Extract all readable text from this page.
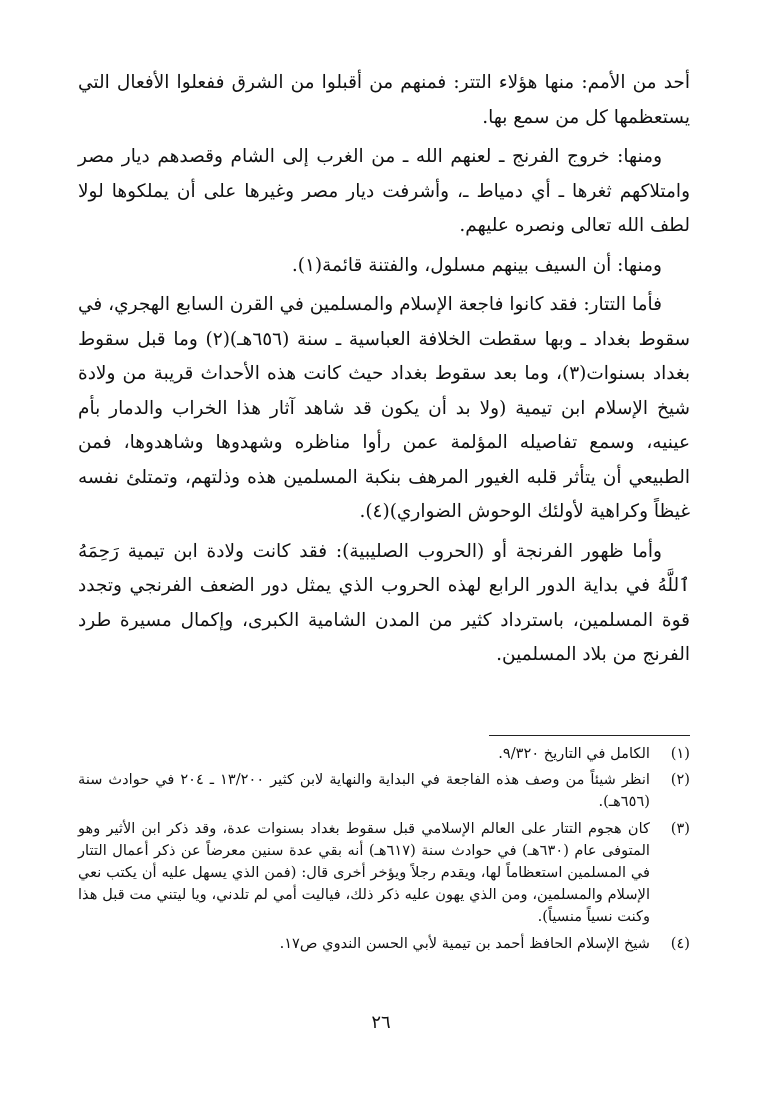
أحد من الأمم: منها هؤلاء التتر: فمنهم من أقبلوا من الشرق ففعلوا الأفعال التي يستعظمها كل من سمع بها.

ومنها: خروج الفرنج ـ لعنهم الله ـ من الغرب إلى الشام وقصدهم ديار مصر وامتلاكهم ثغرها ـ أي دمياط ـ، وأشرفت ديار مصر وغيرها على أن يملكوها لولا لطف الله تعالى ونصره عليهم.

ومنها: أن السيف بينهم مسلول، والفتنة قائمة(١).

فأما التتار: فقد كانوا فاجعة الإسلام والمسلمين في القرن السابع الهجري، في سقوط بغداد ـ وبها سقطت الخلافة العباسية ـ سنة (٦٥٦هـ)(٢) وما قبل سقوط بغداد بسنوات(٣)، وما بعد سقوط بغداد حيث كانت هذه الأحداث قريبة من ولادة شيخ الإسلام ابن تيمية (ولا بد أن يكون قد شاهد آثار هذا الخراب والدمار بأم عينيه، وسمع تفاصيله المؤلمة عمن رأوا مناظره وشهدوها وشاهدوها، فمن الطبيعي أن يتأثر قلبه الغيور المرهف بنكبة المسلمين هذه وذلتهم، وتمتلئ نفسه غيظاً وكراهية لأولئك الوحوش الضواري)(٤).

وأما ظهور الفرنجة أو (الحروب الصليبية): فقد كانت ولادة ابن تيمية رَحِمَهُ ٱللَّهُ في بداية الدور الرابع لهذه الحروب الذي يمثل دور الضعف الفرنجي وتجدد قوة المسلمين، باسترداد كثير من المدن الشامية الكبرى، وإكمال مسيرة طرد الفرنج من بلاد المسلمين.

(١)
الكامل في التاريخ ٩/٣٢٠.
(٢)
انظر شيئاً من وصف هذه الفاجعة في البداية والنهاية لابن كثير ١٣/٢٠٠ ـ ٢٠٤ في حوادث سنة (٦٥٦هـ).
(٣)
كان هجوم التتار على العالم الإسلامي قبل سقوط بغداد بسنوات عدة، وقد ذكر ابن الأثير وهو المتوفى عام (٦٣٠هـ) في حوادث سنة (٦١٧هـ) أنه بقي عدة سنين معرضاً عن ذكر أعمال التتار في المسلمين استعظاماً لها، ويقدم رجلاً ويؤخر أخرى قال: (فمن الذي يسهل عليه أن يكتب نعي الإسلام والمسلمين، ومن الذي يهون عليه ذكر ذلك، فياليت أمي لم تلدني، ويا ليتني مت قبل هذا وكنت نسياً منسياً).
(٤)
شيخ الإسلام الحافظ أحمد بن تيمية لأبي الحسن الندوي ص١٧.
٢٦
